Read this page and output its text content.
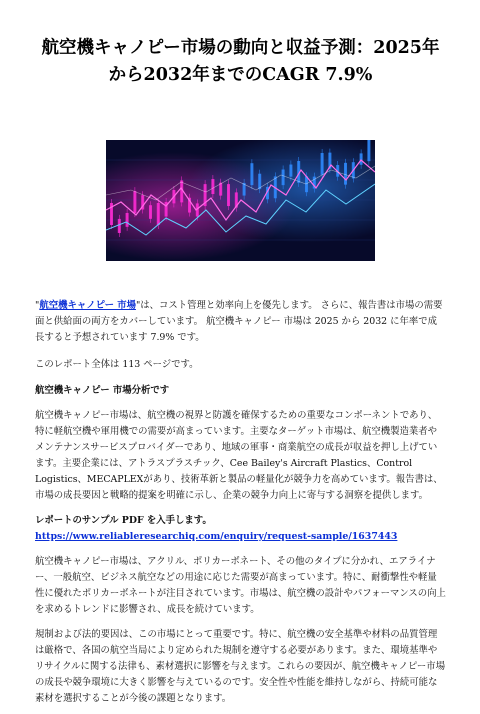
航空機キャノピー市場の動向と収益予測：2025年から2032年までのCAGR 7.9%

"航空機キャノピー 市場"は、コスト管理と効率向上を優先します。 さらに、報告書は市場の需要面と供給面の両方をカバーしています。 航空機キャノピー 市場は 2025 から 2032 に年率で成長すると予想されています 7.9% です。

このレポート全体は 113 ページです。

航空機キャノピー 市場分析です

航空機キャノピー市場は、航空機の視界と防護を確保するための重要なコンポーネントであり、特に軽航空機や軍用機での需要が高まっています。主要なターゲット市場は、航空機製造業者やメンテナンスサービスプロバイダーであり、地域の軍事・商業航空の成長が収益を押し上げています。主要企業には、アトラスプラスチック、Cee Bailey's Aircraft Plastics、Control Logistics、MECAPLEXがあり、技術革新と製品の軽量化が競争力を高めています。報告書は、市場の成長要因と戦略的提案を明確に示し、企業の競争力向上に寄与する洞察を提供します。

レポートのサンプル PDF を入手します。  https://www.reliableresearchiq.com/enquiry/request-sample/1637443

航空機キャノピー市場は、アクリル、ポリカーボネート、その他のタイプに分かれ、エアライナー、一般航空、ビジネス航空などの用途に応じた需要が高まっています。特に、耐衝撃性や軽量性に優れたポリカーボネートが注目されています。市場は、航空機の設計やパフォーマンスの向上を求めるトレンドに影響され、成長を続けています。

規制および法的要因は、この市場にとって重要です。特に、航空機の安全基準や材料の品質管理は厳格で、各国の航空当局により定められた規制を遵守する必要があります。また、環境基準やリサイクルに関する法律も、素材選択に影響を与えます。これらの要因が、航空機キャノピー市場の成長や競争環境に大きく影響を与えているのです。安全性や性能を維持しながら、持続可能な素材を選択することが今後の課題となります。
